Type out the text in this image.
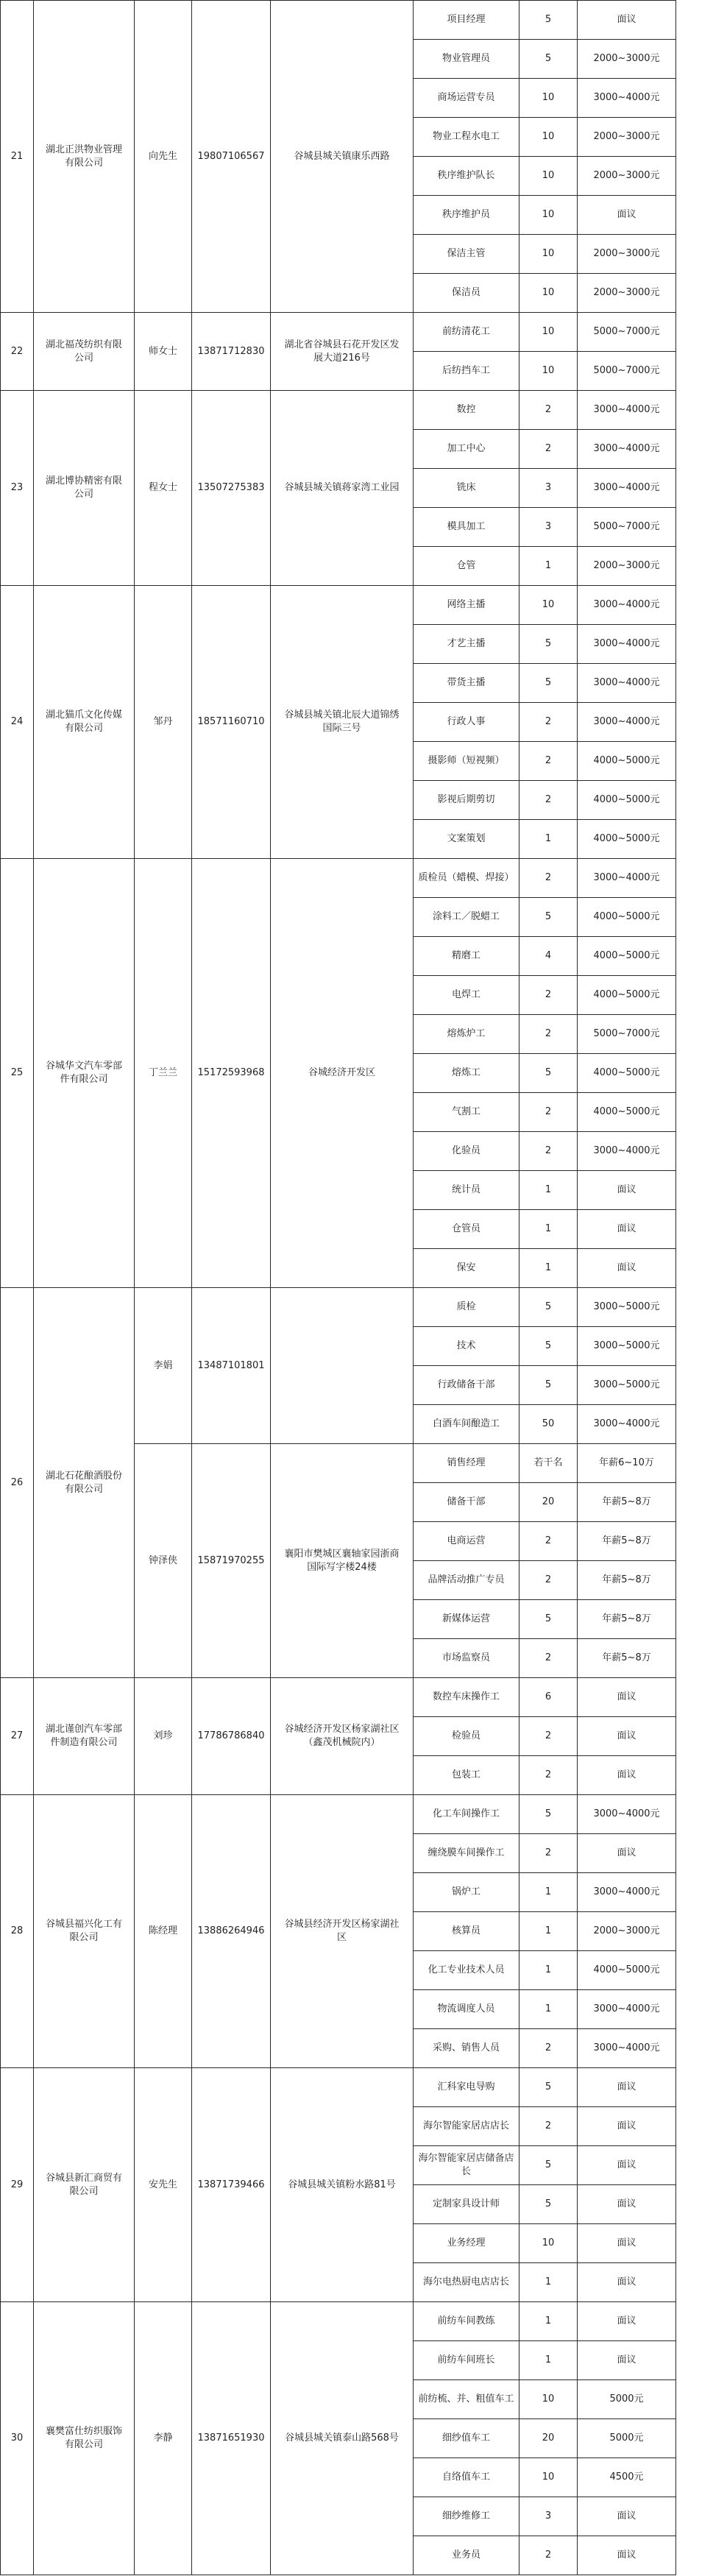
21	湖北正洪物业管理有限公司	向先生	19807106567	谷城县城关镇康乐西路	项目经理	5	面议
					物业管理员	5	2000~3000元
					商场运营专员	10	3000~4000元
					物业工程水电工	10	2000~3000元
					秩序维护队长	10	2000~3000元
					秩序维护员	10	面议
					保洁主管	10	2000~3000元
					保洁员	10	2000~3000元
22	湖北福茂纺织有限公司	师女士	13871712830	湖北省谷城县石花开发区发展大道216号	前纺清花工	10	5000~7000元
					后纺挡车工	10	5000~7000元
23	湖北博协精密有限公司	程女士	13507275383	谷城县城关镇蒋家湾工业园	数控	2	3000~4000元
					加工中心	2	3000~4000元
					铣床	3	3000~4000元
					模具加工	3	5000~7000元
					仓管	1	2000~3000元
24	湖北猫爪文化传媒有限公司	邹丹	18571160710	谷城县城关镇北辰大道锦绣国际三号	网络主播	10	3000~4000元
					才艺主播	5	3000~4000元
					带货主播	5	3000~4000元
					行政人事	2	3000~4000元
					摄影师（短视频）	2	4000~5000元
					影视后期剪切	2	4000~5000元
					文案策划	1	4000~5000元
25	谷城华文汽车零部件有限公司	丁兰兰	15172593968	谷城经济开发区	质检员（蜡模、焊接）	2	3000~4000元
					涂料工／脱蜡工	5	4000~5000元
					精磨工	4	4000~5000元
					电焊工	2	4000~5000元
					熔炼炉工	2	5000~7000元
					熔炼工	5	4000~5000元
					气割工	2	4000~5000元
					化验员	2	3000~4000元
					统计员	1	面议
					仓管员	1	面议
					保安	1	面议
26	湖北石花酿酒股份有限公司	李娟	13487101801		质检	5	3000~5000元
					技术	5	3000~5000元
					行政储备干部	5	3000~5000元
					白酒车间酿造工	50	3000~4000元
		钟泽侠	15871970255	襄阳市樊城区襄轴家园浙商国际写字楼24楼	销售经理	若干名	年薪6~10万
					储备干部	20	年薪5~8万
					电商运营	2	年薪5~8万
					品牌活动推广专员	2	年薪5~8万
					新媒体运营	5	年薪5~8万
					市场监察员	2	年薪5~8万
27	湖北谨创汽车零部件制造有限公司	刘珍	17786786840	谷城经济开发区杨家湖社区（鑫茂机械院内）	数控车床操作工	6	面议
					检验员	2	面议
					包装工	2	面议
28	谷城县福兴化工有限公司	陈经理	13886264946	谷城县经济开发区杨家湖社区	化工车间操作工	5	3000~4000元
					缠绕膜车间操作工	2	面议
					锅炉工	1	3000~4000元
					核算员	1	2000~3000元
					化工专业技术人员	1	4000~5000元
					物流调度人员	1	3000~4000元
					采购、销售人员	2	3000~4000元
29	谷城县新汇商贸有限公司	安先生	13871739466	谷城县城关镇粉水路81号	汇科家电导购	5	面议
					海尔智能家居店店长	2	面议
					海尔智能家居店储备店长	5	面议
					定制家具设计师	5	面议
					业务经理	10	面议
					海尔电热厨电店店长	1	面议
30	襄樊富仕纺织服饰有限公司	李静	13871651930	谷城县城关镇泰山路568号	前纺车间教练	1	面议
					前纺车间班长	1	面议
					前纺梳、并、粗值车工	10	5000元
					细纱值车工	20	5000元
					自络值车工	10	4500元
					细纱维修工	3	面议
					业务员	2	面议
